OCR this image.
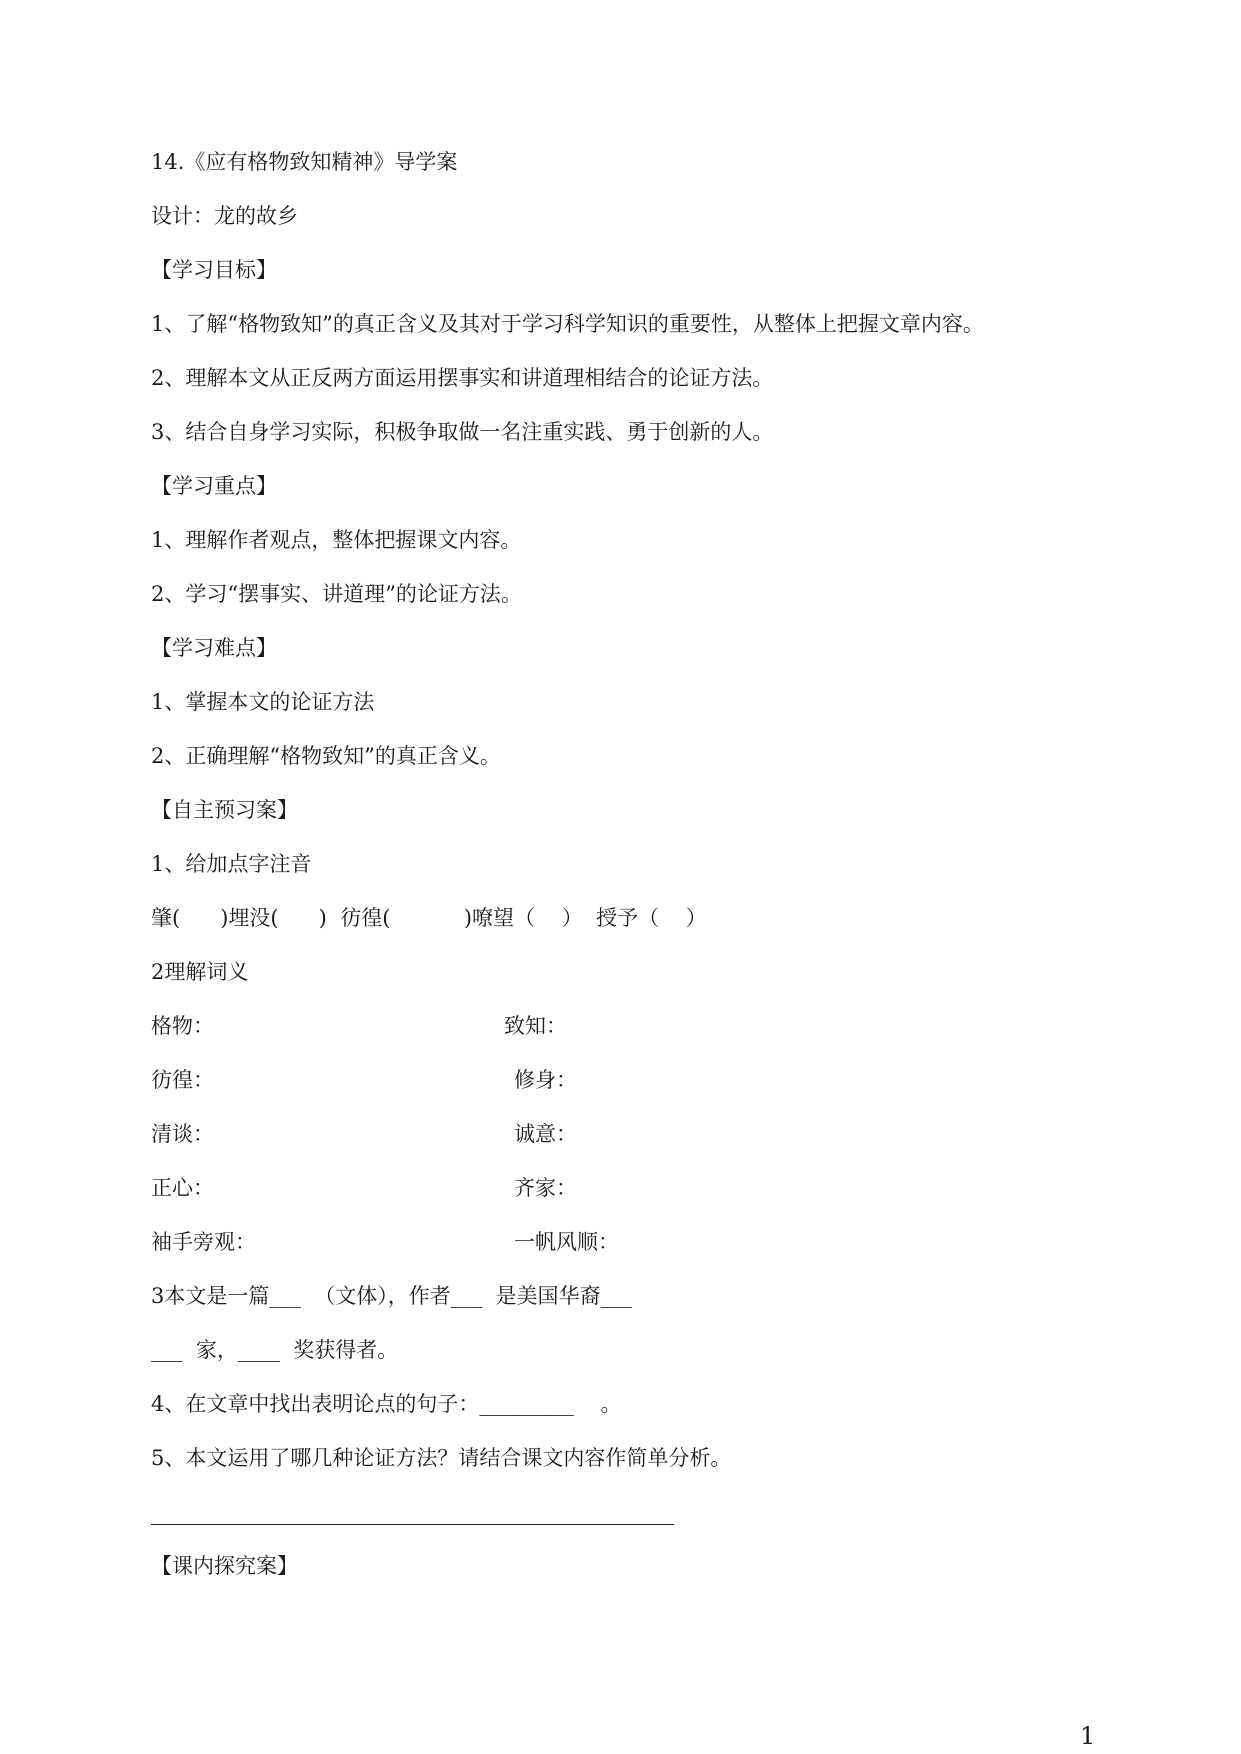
14.《应有格物致知精神》导学案
设计：龙的故乡
【学习目标】
1、了解“格物致知”的真正含义及其对于学习科学知识的重要性，从整体上把握文章内容。
2、理解本文从正反两方面运用摆事实和讲道理相结合的论证方法。
3、结合自身学习实际，积极争取做一名注重实践、勇于创新的人。
【学习重点】
1、理解作者观点，整体把握课文内容。
2、学习“摆事实、讲道理”的论证方法。
【学习难点】
1、掌握本文的论证方法
2、正确理解“格物致知”的真正含义。
【自主预习案】
1、给加点字注音
肇(      )埋没(      )  彷徨(           )嘹望（    ）  授予（    ）
2理解词义
格物：	致知：
彷徨：	修身：
清谈：	诚意：
正心：	齐家：
袖手旁观：	一帆风顺：
3本文是一篇___  （文体），作者___  是美国华裔___
___  家，____  奖获得者。
4、在文章中找出表明论点的句子：_________    。
5、本文运用了哪几种论证方法？请结合课文内容作简单分析。
【课内探究案】
1
